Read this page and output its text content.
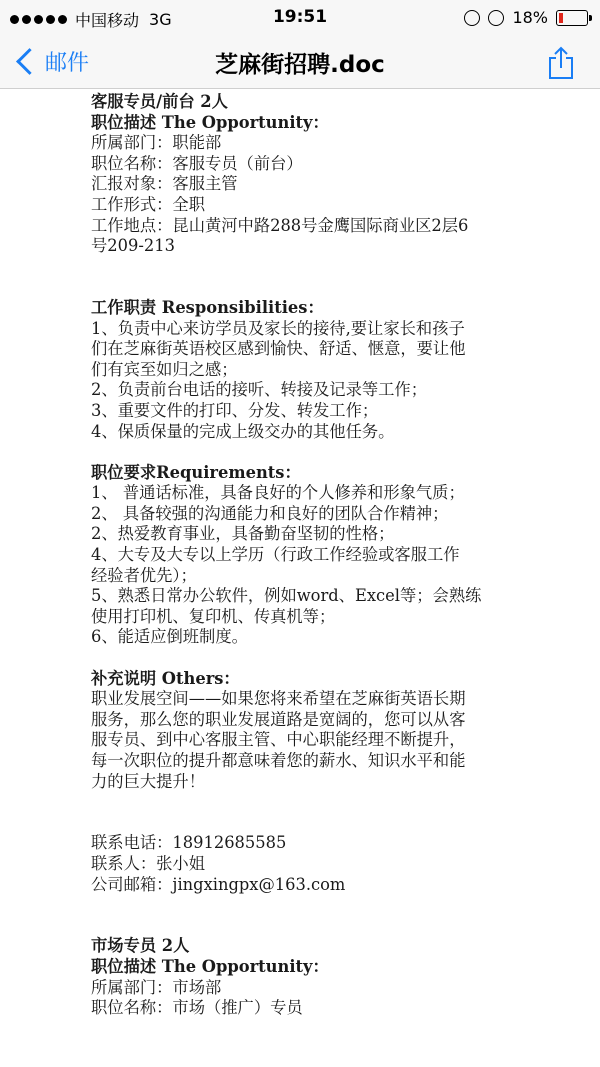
中国移动 3G	19:51	18%
邮件	芝麻街招聘.doc
客服专员/前台 2人
职位描述 The Opportunity：
所属部门：职能部
职位名称：客服专员（前台）
汇报对象：客服主管
工作形式：全职
工作地点：昆山黄河中路288号金鹰国际商业区2层6
号209-213
工作职责 Responsibilities：
1、负责中心来访学员及家长的接待,要让家长和孩子
们在芝麻街英语校区感到愉快、舒适、惬意，要让他
们有宾至如归之感；
2、负责前台电话的接听、转接及记录等工作；
3、重要文件的打印、分发、转发工作；
4、保质保量的完成上级交办的其他任务。
职位要求Requirements：
1、 普通话标准，具备良好的个人修养和形象气质；
2、 具备较强的沟通能力和良好的团队合作精神；
2、热爱教育事业，具备勤奋坚韧的性格；
4、大专及大专以上学历（行政工作经验或客服工作
经验者优先）；
5、熟悉日常办公软件，例如word、Excel等；会熟练
使用打印机、复印机、传真机等；
6、能适应倒班制度。
补充说明 Others：
职业发展空间——如果您将来希望在芝麻街英语长期
服务，那么您的职业发展道路是宽阔的，您可以从客
服专员、到中心客服主管、中心职能经理不断提升，
每一次职位的提升都意味着您的薪水、知识水平和能
力的巨大提升！
联系电话：18912685585
联系人：张小姐
公司邮箱：jingxingpx@163.com
市场专员 2人
职位描述 The Opportunity：
所属部门：市场部
职位名称：市场（推广）专员
